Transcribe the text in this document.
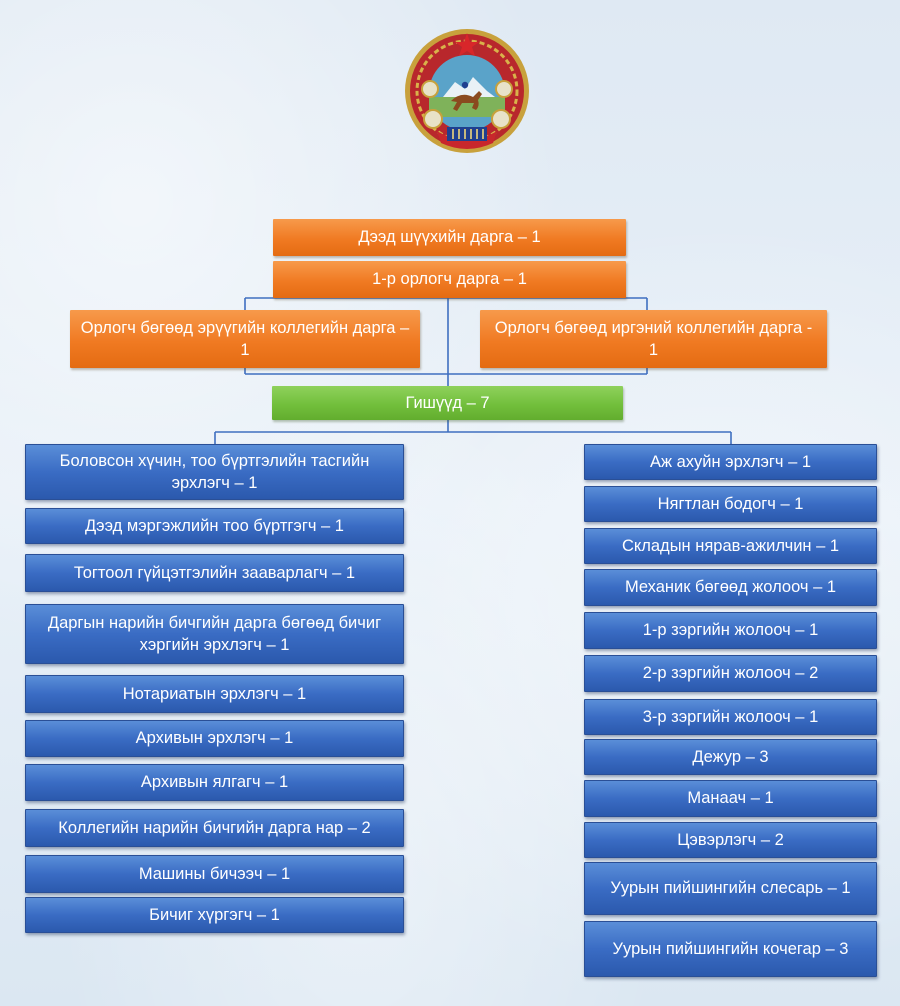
Дээд шүүхийн дарга – 1
1-р орлогч дарга – 1
Орлогч бөгөөд эрүүгийн коллегийн дарга – 1
Орлогч бөгөөд иргэний коллегийн дарга - 1
Гишүүд – 7
Боловсон хүчин, тоо бүртгэлийн тасгийн эрхлэгч – 1
Дээд мэргэжлийн тоо бүртгэгч – 1
Тогтоол гүйцэтгэлийн зааварлагч – 1
Даргын нарийн бичгийн дарга бөгөөд бичиг хэргийн эрхлэгч – 1
Нотариатын эрхлэгч – 1
Архивын эрхлэгч – 1
Архивын ялгагч – 1
Коллегийн нарийн бичгийн дарга нар – 2
Машины бичээч – 1
Бичиг хүргэгч – 1
Аж ахуйн эрхлэгч – 1
Нягтлан бодогч – 1
Складын нярав-ажилчин – 1
Механик бөгөөд жолооч – 1
1-р зэргийн жолооч – 1
2-р зэргийн жолооч – 2
3-р зэргийн жолооч – 1
Дежур – 3
Манаач – 1
Цэвэрлэгч – 2
Уурын пийшингийн слесарь – 1
Уурын пийшингийн кочегар – 3
